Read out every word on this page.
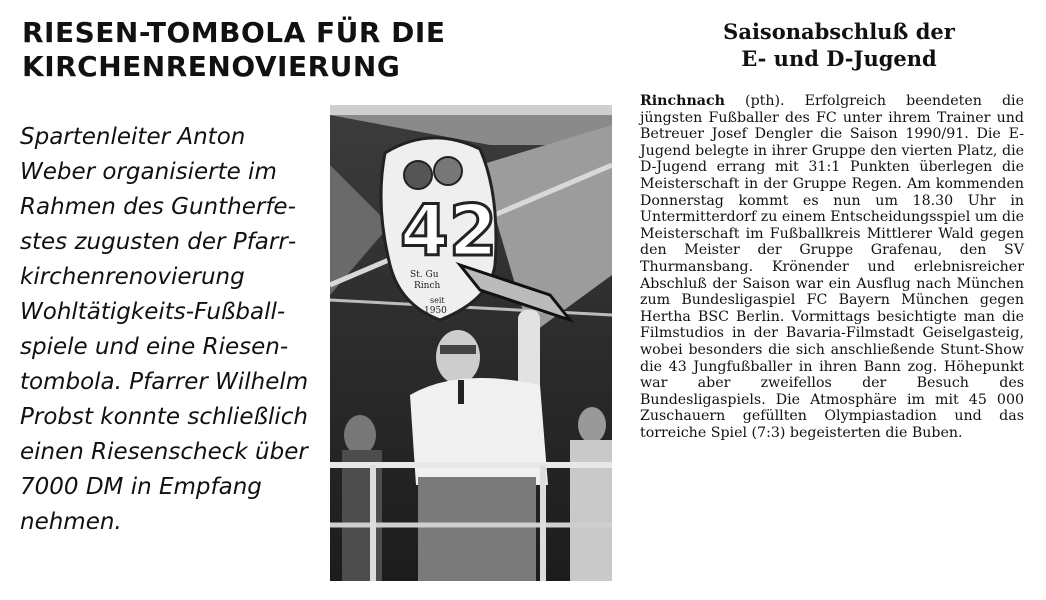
RIESEN-TOMBOLA FÜR DIE
KIRCHENRENOVIERUNG

Spartenleiter Anton Weber organisierte im Rahmen des Guntherfestes zugusten der Pfarrkirchenrenovierung Wohltätigkeits-Fußballspiele und eine Riesentombola. Pfarrer Wilhelm Probst konnte schließlich einen Riesenscheck über 7000 DM in Empfang nehmen.

42
St. Gu
Rinch
seit
1950
Saisonabschluß der
E- und D-Jugend

Rinchnach (pth). Erfolgreich beendeten die jüngsten Fußballer des FC unter ihrem Trainer und Betreuer Josef Dengler die Saison 1990/91. Die E-Jugend belegte in ihrer Gruppe den vierten Platz, die D-Jugend errang mit 31:1 Punkten überlegen die Meisterschaft in der Gruppe Regen. Am kommenden Donnerstag kommt es nun um 18.30 Uhr in Untermitterdorf zu einem Entscheidungsspiel um die Meisterschaft im Fußballkreis Mittlerer Wald gegen den Meister der Gruppe Grafenau, den SV Thurmansbang. Krönender und erlebnisreicher Abschluß der Saison war ein Ausflug nach München zum Bundesligaspiel FC Bayern München gegen Hertha BSC Berlin. Vormittags besichtigte man die Filmstudios in der Bavaria-Filmstadt Geiselgasteig, wobei besonders die sich anschließende Stunt-Show die 43 Jungfußballer in ihren Bann zog. Höhepunkt war aber zweifellos der Besuch des Bundesligaspiels. Die Atmosphäre im mit 45 000 Zuschauern gefüllten Olympiastadion und das torreiche Spiel (7:3) begeisterten die Buben.
